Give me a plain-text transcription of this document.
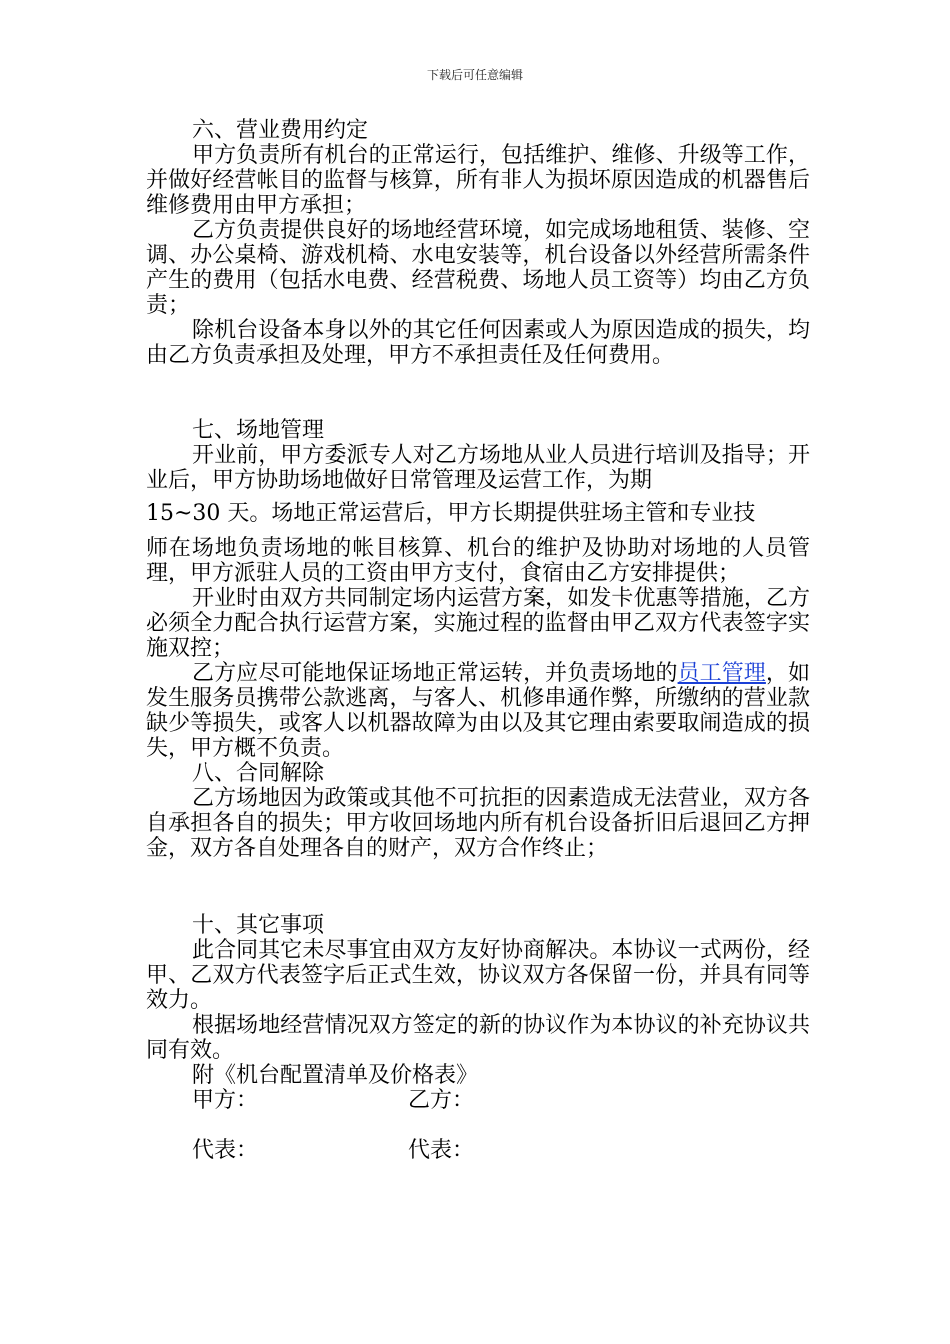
下载后可任意编辑

六、营业费用约定

甲方负责所有机台的正常运行，包括维护、维修、升级等工作，并做好经营帐目的监督与核算，所有非人为损坏原因造成的机器售后维修费用由甲方承担；

乙方负责提供良好的场地经营环境，如完成场地租赁、装修、空调、办公桌椅、游戏机椅、水电安装等，机台设备以外经营所需条件产生的费用（包括水电费、经营税费、场地人员工资等）均由乙方负责；

除机台设备本身以外的其它任何因素或人为原因造成的损失，均由乙方负责承担及处理，甲方不承担责任及任何费用。

七、场地管理

开业前，甲方委派专人对乙方场地从业人员进行培训及指导；开业后，甲方协助场地做好日常管理及运营工作，为期

15~30 天。场地正常运营后，甲方长期提供驻场主管和专业技

师在场地负责场地的帐目核算、机台的维护及协助对场地的人员管理，甲方派驻人员的工资由甲方支付，食宿由乙方安排提供；

开业时由双方共同制定场内运营方案，如发卡优惠等措施，乙方必须全力配合执行运营方案，实施过程的监督由甲乙双方代表签字实施双控；

乙方应尽可能地保证场地正常运转，并负责场地的员工管理，如发生服务员携带公款逃离，与客人、机修串通作弊，所缴纳的营业款缺少等损失，或客人以机器故障为由以及其它理由索要取闹造成的损失，甲方概不负责。

八、合同解除

乙方场地因为政策或其他不可抗拒的因素造成无法营业，双方各自承担各自的损失；甲方收回场地内所有机台设备折旧后退回乙方押金，双方各自处理各自的财产，双方合作终止；

十、其它事项

此合同其它未尽事宜由双方友好协商解决。本协议一式两份，经甲、乙双方代表签字后正式生效，协议双方各保留一份，并具有同等效力。

根据场地经营情况双方签定的新的协议作为本协议的补充协议共同有效。

附《机台配置清单及价格表》

甲方：	乙方：
代表：	代表：
